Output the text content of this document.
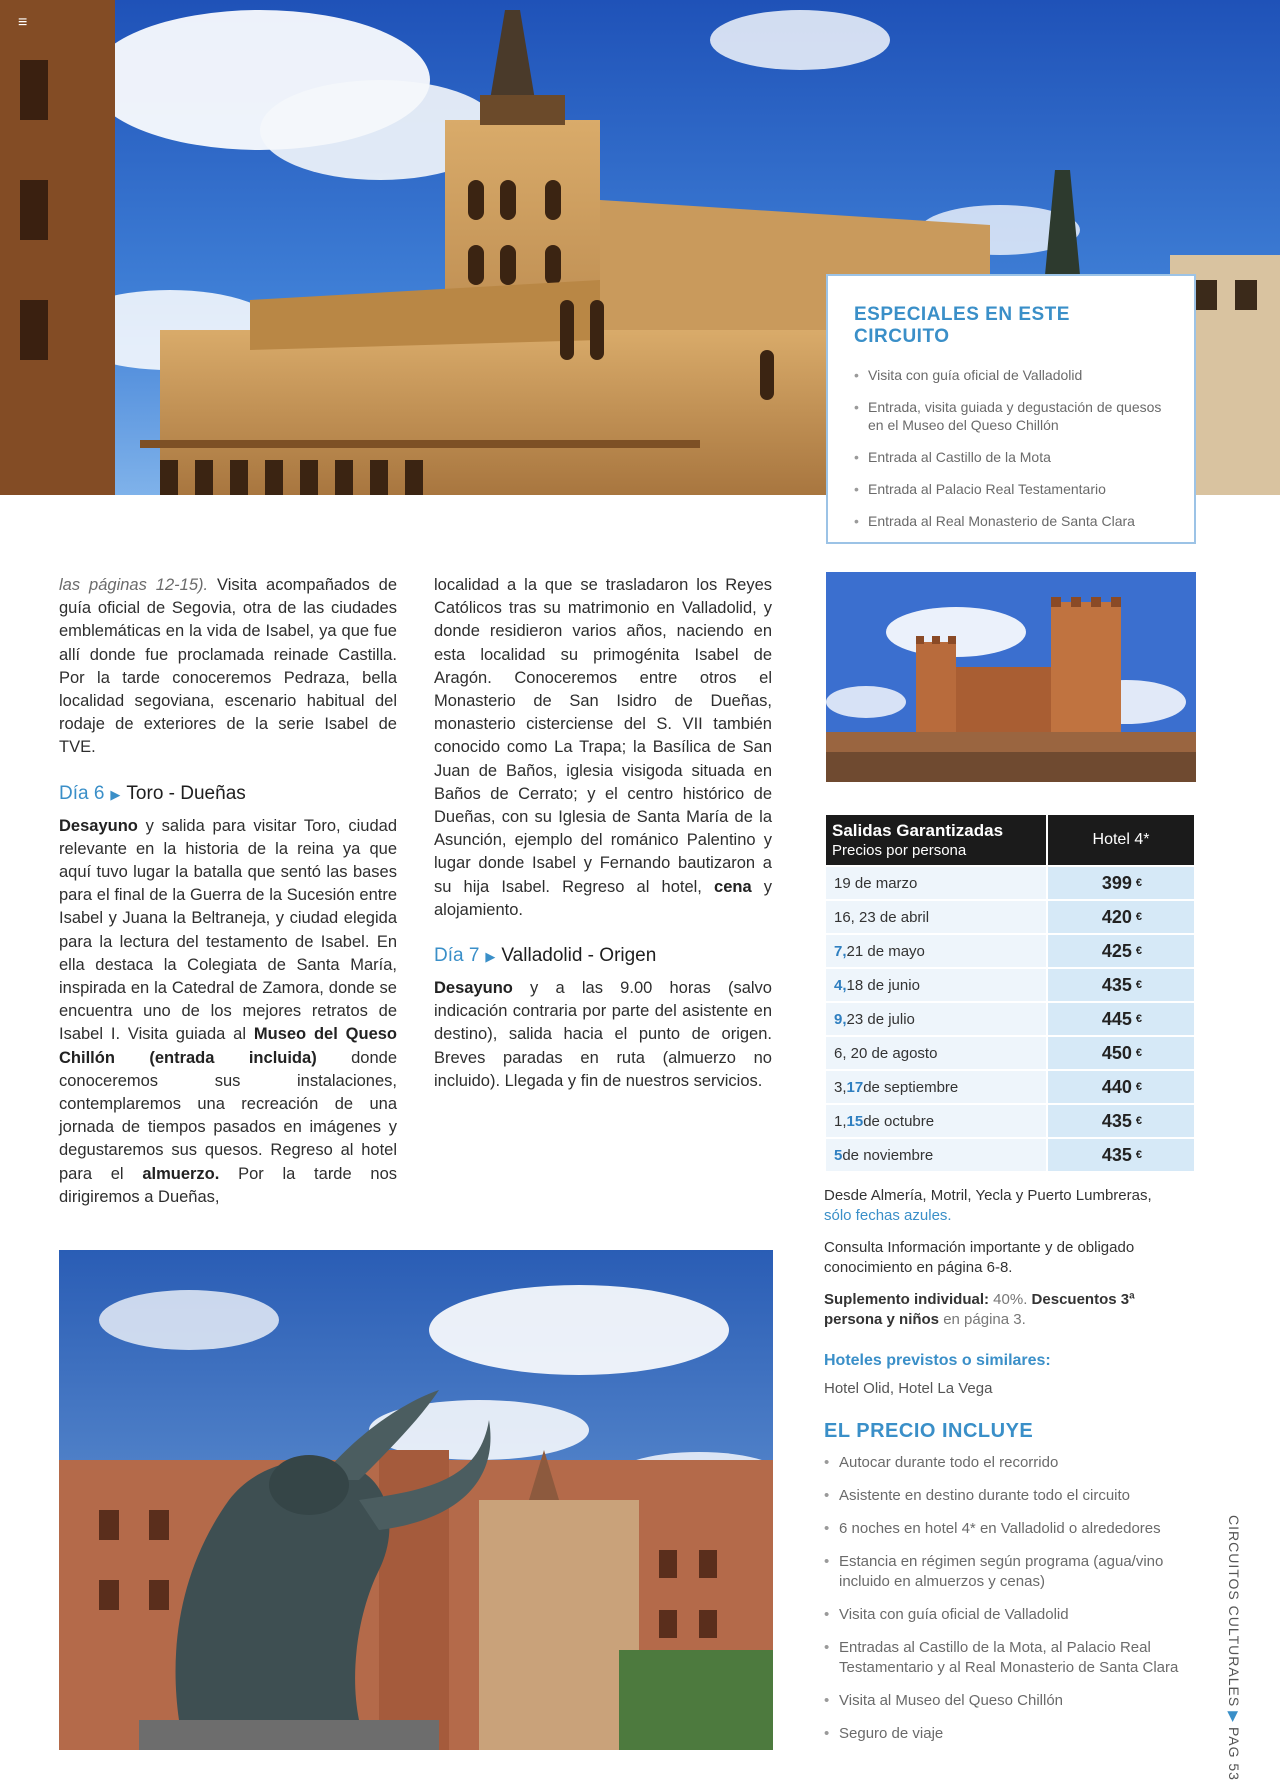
≡
ESPECIALES EN ESTE CIRCUITO
• Visita con guía oficial de Valladolid
• Entrada, visita guiada y degustación de quesos en el Museo del Queso Chillón
• Entrada al Castillo de la Mota
• Entrada al Palacio Real Testamentario
• Entrada al Real Monasterio de Santa Clara

las páginas 12-15). Visita acompañados de guía oficial de Segovia, otra de las ciudades emblemáticas en la vida de Isabel, ya que fue allí donde fue proclamada reinade Castilla. Por la tarde conoceremos Pedraza, bella localidad segoviana, escenario habitual del rodaje de exteriores de la serie Isabel de TVE.

Día 6 ▶ Toro - Dueñas

Desayuno y salida para visitar Toro, ciudad relevante en la historia de la reina ya que aquí tuvo lugar la batalla que sentó las bases para el final de la Guerra de la Sucesión entre Isabel y Juana la Beltraneja, y ciudad elegida para la lectura del testamento de Isabel. En ella destaca la Colegiata de Santa María, inspirada en la Catedral de Zamora, donde se encuentra uno de los mejores retratos de Isabel I. Visita guiada al Museo del Queso Chillón (entrada incluida) donde conoceremos sus instalaciones, contemplaremos una recreación de una jornada de tiempos pasados en imágenes y degustaremos sus quesos. Regreso al hotel para el almuerzo. Por la tarde nos dirigiremos a Dueñas,

localidad a la que se trasladaron los Reyes Católicos tras su matrimonio en Valladolid, y donde residieron varios años, naciendo en esta localidad su primogénita Isabel de Aragón. Conoceremos entre otros el Monasterio de San Isidro de Dueñas, monasterio cisterciense del S. VII también conocido como La Trapa; la Basílica de San Juan de Baños, iglesia visigoda situada en Baños de Cerrato; y el centro histórico de Dueñas, con su Iglesia de Santa María de la Asunción, ejemplo del románico Palentino y lugar donde Isabel y Fernando bautizaron a su hija Isabel. Regreso al hotel, cena y alojamiento.

Día 7 ▶ Valladolid - Origen

Desayuno y a las 9.00 horas (salvo indicación contraria por parte del asistente en destino), salida hacia el punto de origen. Breves paradas en ruta (almuerzo no incluido). Llegada y fin de nuestros servicios.

Salidas Garantizadas
Precios por persona
Hotel 4*
19 de marzo	399 €
16, 23 de abril	420 €
7, 21 de mayo	425 €
4, 18 de junio	435 €
9, 23 de julio	445 €
6, 20 de agosto	450 €
3, 17 de septiembre	440 €
1, 15 de octubre	435 €
5 de noviembre	435 €
Desde Almería, Motril, Yecla y Puerto Lumbreras,
sólo fechas azules.
Consulta Información importante y de obligado conocimiento en página 6-8.
Suplemento individual: 40%. Descuentos 3ª persona y niños en página 3.
Hoteles previstos o similares:
Hotel Olid, Hotel La Vega
EL PRECIO INCLUYE
• Autocar durante todo el recorrido
• Asistente en destino durante todo el circuito
• 6 noches en hotel 4* en Valladolid o alrededores
• Estancia en régimen según programa (agua/vino incluido en almuerzos y cenas)
• Visita con guía oficial de Valladolid
• Entradas al Castillo de la Mota, al Palacio Real Testamentario y al Real Monasterio de Santa Clara
• Visita al Museo del Queso Chillón
• Seguro de viaje
CIRCUITOS CULTURALES▶PAG 53
